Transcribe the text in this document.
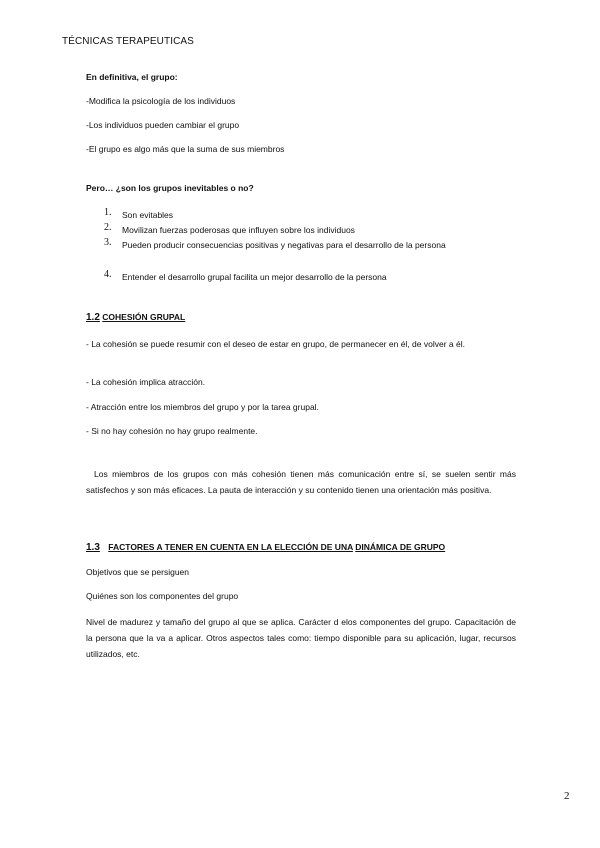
TÉCNICAS TERAPEUTICAS
En definitiva, el grupo:
-Modifica la psicología de los individuos
-Los individuos pueden cambiar el grupo
-El grupo es algo más que la suma de sus miembros
Pero… ¿son los grupos inevitables o no?
1. Son evitables
2. Movilizan fuerzas poderosas que influyen sobre los individuos
3. Pueden producir consecuencias positivas y negativas para el desarrollo de la persona
4. Entender el desarrollo grupal facilita un mejor desarrollo de la persona
1.2 COHESIÓN GRUPAL
- La cohesión se puede resumir con el deseo de estar en grupo, de permanecer en él, de volver a él.
- La cohesión implica atracción.
- Atracción entre los miembros del grupo y por la tarea grupal.
- Si no hay cohesión no hay grupo realmente.
Los miembros de los grupos con más cohesión tienen más comunicación entre sí, se suelen sentir más satisfechos y son más eficaces. La pauta de interacción y su contenido tienen una orientación más positiva.
1.3 FACTORES A TENER EN CUENTA EN LA ELECCIÓN DE UNA DINÁMICA DE GRUPO
Objetivos que se persiguen
Quiénes son los componentes del grupo
Nivel de madurez y tamaño del grupo al que se aplica. Carácter d elos componentes del grupo. Capacitación de la persona que la va a aplicar. Otros aspectos tales como: tiempo disponible para su aplicación, lugar, recursos utilizados, etc.
2
